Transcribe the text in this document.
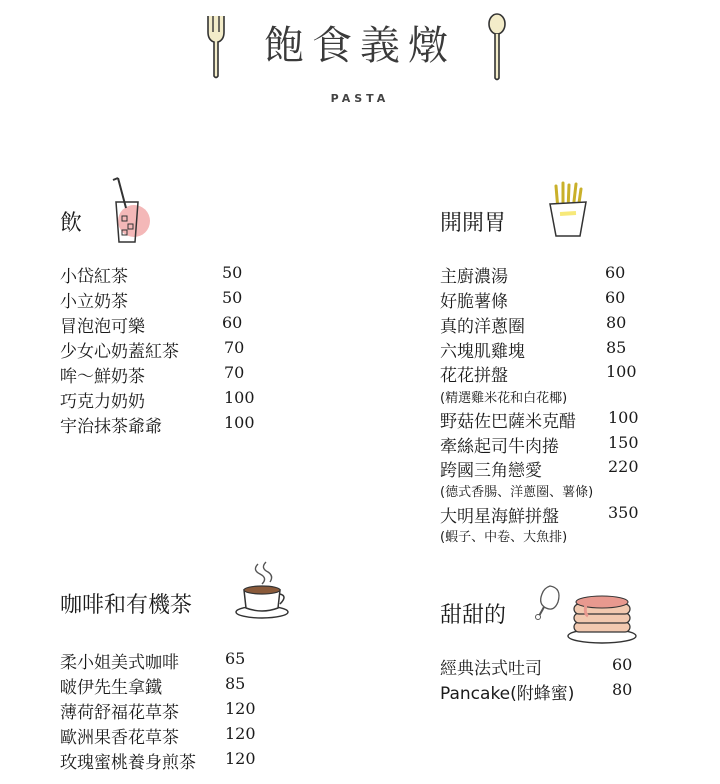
飽食義燉
PASTA
飲
小岱紅茶	50
小立奶茶	50
冒泡泡可樂	60
少女心奶蓋紅茶	70
哞～鮮奶茶	70
巧克力奶奶	100
宇治抹茶爺爺	100
開開胃
主廚濃湯	60
好脆薯條	60
真的洋蔥圈	80
六塊肌雞塊	85
花花拼盤	100
(精選雞米花和白花椰)
野菇佐巴薩米克醋 100
牽絲起司牛肉捲	150
跨國三角戀愛	220
(德式香腸、洋蔥圈、薯條)
大明星海鮮拼盤	350
(蝦子、中卷、大魚排)
咖啡和有機茶
柔小姐美式咖啡	65
啵伊先生拿鐵	85
薄荷舒福花草茶	120
歐洲果香花草茶	120
玫瑰蜜桃養身煎茶 120
甜甜的
經典法式吐司	60
Pancake(附蜂蜜) 80
